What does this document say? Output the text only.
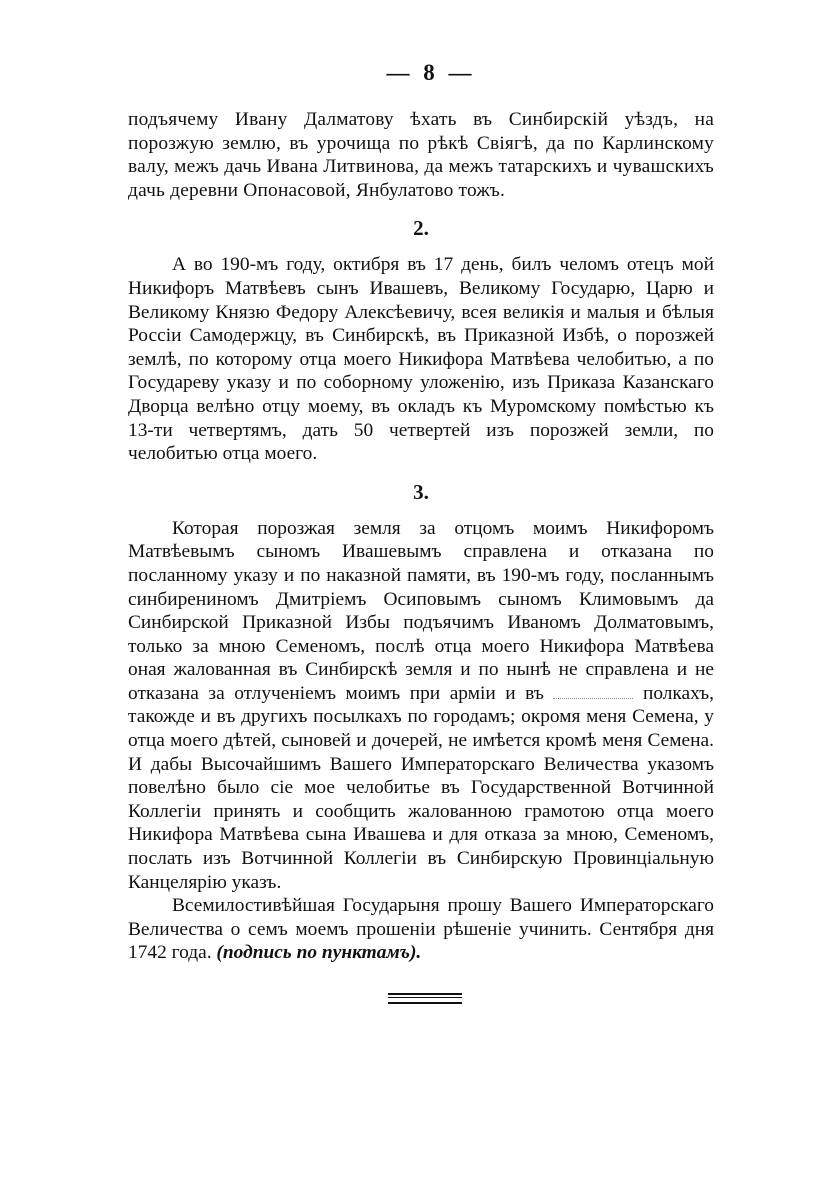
— 8 —

подъячему Ивану Далматову ѣхать въ Синбирскій уѣздъ, на порозжую землю, въ урочища по рѣкѣ Свіягѣ, да по Карлинскому валу, межъ дачь Ивана Литвинова, да межъ татарскихъ и чувашскихъ дачь деревни Опонасовой, Янбулатово тожъ.

2.

А во 190-мъ году, октибря въ 17 день, билъ челомъ отецъ мой Никифоръ Матвѣевъ сынъ Ивашевъ, Великому Государю, Царю и Великому Князю Федору Алексѣевичу, всея великія и малыя и бѣлыя Россіи Самодержцу, въ Синбирскѣ, въ Приказной Избѣ, о порозжей землѣ, по которому отца моего Никифора Матвѣева челобитью, а по Государеву указу и по соборному уложенію, изъ Приказа Казанскаго Дворца велѣно отцу моему, въ окладъ къ Муромскому помѣстью къ 13-ти четвертямъ, дать 50 четвертей изъ порозжей земли, по челобитью отца моего.

3.

Которая порозжая земля за отцомъ моимъ Никифоромъ Матвѣевымъ сыномъ Ивашевымъ справлена и отказана по посланному указу и по наказной памяти, въ 190-мъ году, посланнымъ синбирениномъ Дмитріемъ Осиповымъ сыномъ Климовымъ да Синбирской Приказной Избы подъячимъ Иваномъ Долматовымъ, только за мною Семеномъ, послѣ отца моего Никифора Матвѣева оная жалованная въ Синбирскѣ земля и по нынѣ не справлена и не отказана за отлученіемъ моимъ при арміи и въ	полкахъ, такожде и въ другихъ посылкахъ по городамъ; окромя меня Семена, у отца моего дѣтей, сыновей и дочерей, не имѣется кромѣ меня Семена. И дабы Высочайшимъ Вашего Императорскаго Величества указомъ повелѣно было сіе мое челобитье въ Государственной Вотчинной Коллегіи принять и сообщить жалованною грамотою отца моего Никифора Матвѣева сына Ивашева и для отказа за мною, Семеномъ, послать изъ Вотчинной Коллегіи въ Синбирскую Провинціальную Канцелярію указъ.

Всемилостивѣйшая Государыня прошу Вашего Императорскаго Величества о семъ моемъ прошеніи рѣшеніе учинить. Сентября дня 1742 года. (подпись по пунктамъ).
